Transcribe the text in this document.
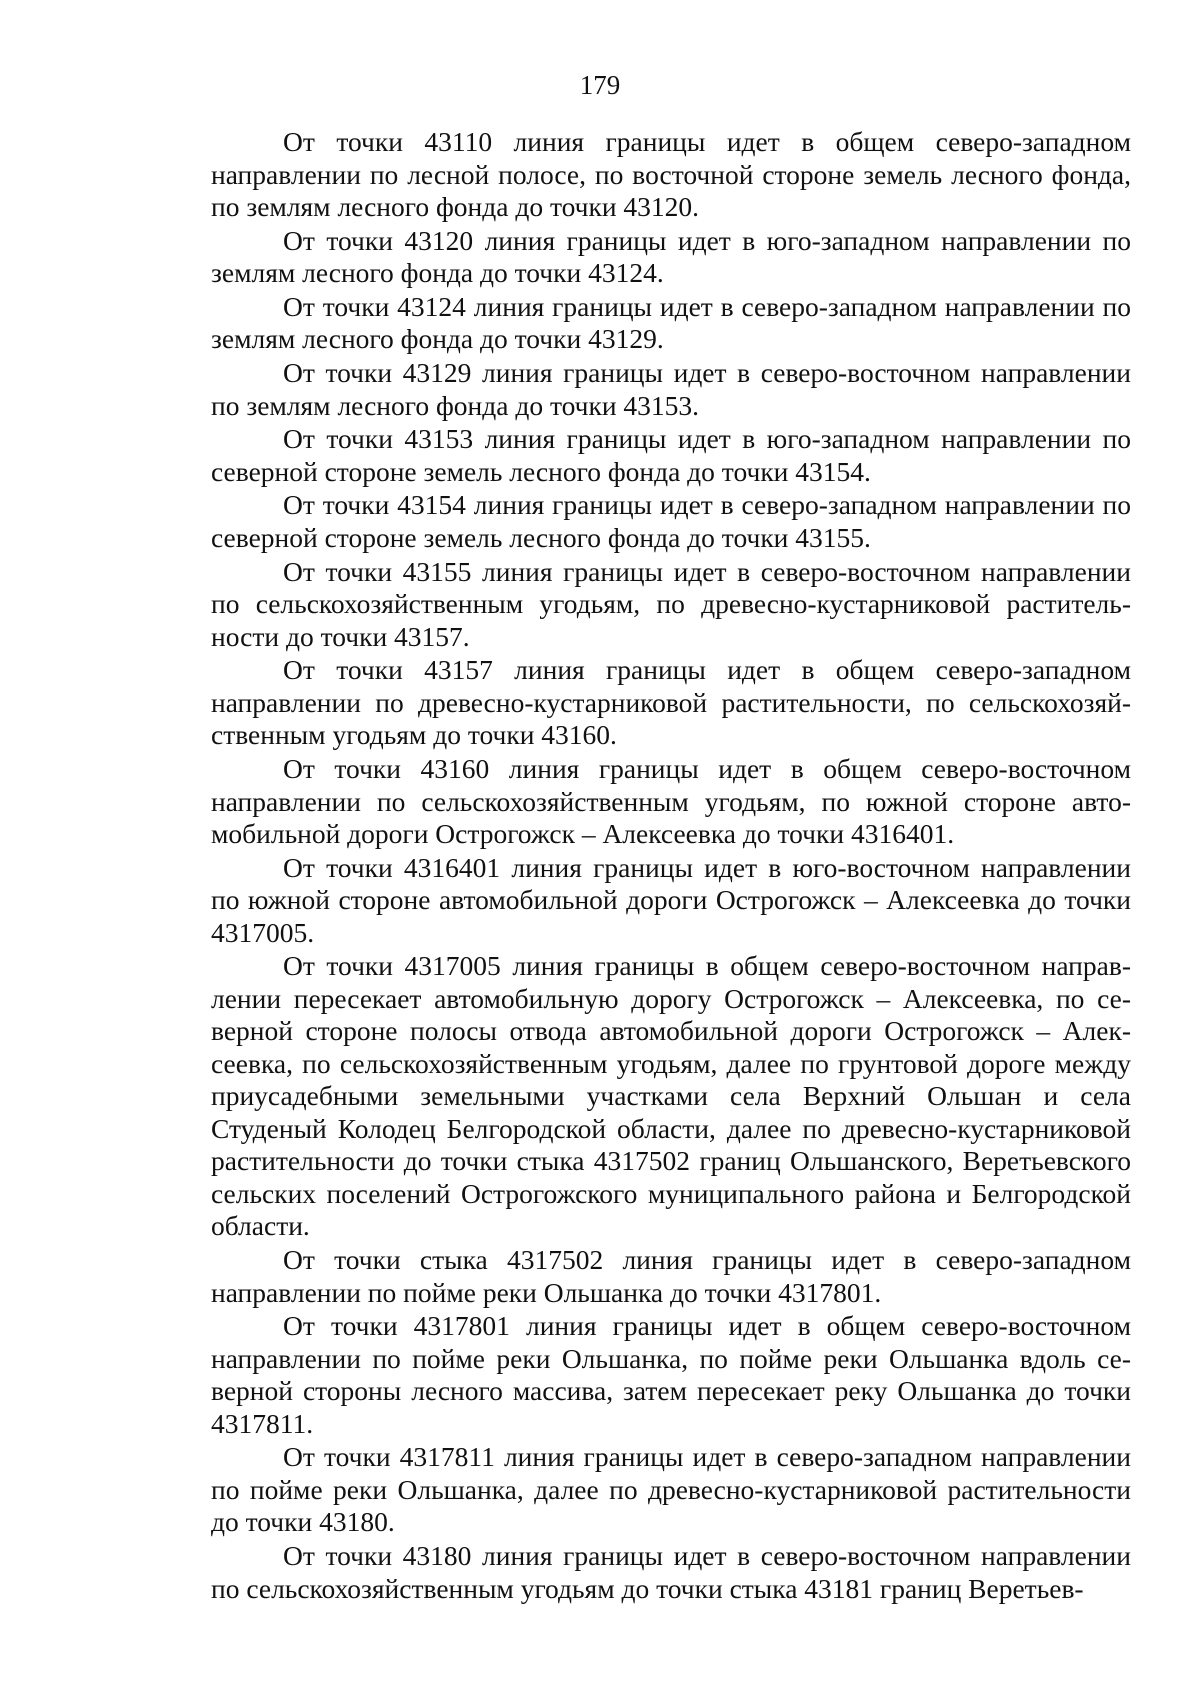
179

От точки 43110 линия границы идет в общем северо-западном направлении по лесной полосе, по восточной стороне земель лесного фонда, по землям лесного фонда до точки 43120.

От точки 43120 линия границы идет в юго-западном направлении по землям лесного фонда до точки 43124.

От точки 43124 линия границы идет в северо-западном направлении по землям лесного фонда до точки 43129.

От точки 43129 линия границы идет в северо-восточном направлении по землям лесного фонда до точки 43153.

От точки 43153 линия границы идет в юго-западном направлении по северной стороне земель лесного фонда до точки 43154.

От точки 43154 линия границы идет в северо-западном направлении по северной стороне земель лесного фонда до точки 43155.

От точки 43155 линия границы идет в северо-восточном направлении по сельскохозяйственным угодьям, по древесно-кустарниковой растительности до точки 43157.

От точки 43157 линия границы идет в общем северо-западном направлении по древесно-кустарниковой растительности, по сельскохозяйственным угодьям до точки 43160.

От точки 43160 линия границы идет в общем северо-восточном направлении по сельскохозяйственным угодьям, по южной стороне автомобильной дороги Острогожск – Алексеевка до точки 4316401.

От точки 4316401 линия границы идет в юго-восточном направлении по южной стороне автомобильной дороги Острогожск – Алексеевка до точки 4317005.

От точки 4317005 линия границы в общем северо-восточном направлении пересекает автомобильную дорогу Острогожск – Алексеевка, по северной стороне полосы отвода автомобильной дороги Острогожск – Алексеевка, по сельскохозяйственным угодьям, далее по грунтовой дороге между приусадебными земельными участками села Верхний Ольшан и села Студеный Колодец Белгородской области, далее по древесно-кустарниковой растительности до точки стыка 4317502 границ Ольшанского, Веретьевского сельских поселений Острогожского муниципального района и Белгородской области.

От точки стыка 4317502 линия границы идет в северо-западном направлении по пойме реки Ольшанка до точки 4317801.

От точки 4317801 линия границы идет в общем северо-восточном направлении по пойме реки Ольшанка, по пойме реки Ольшанка вдоль северной стороны лесного массива, затем пересекает реку Ольшанка до точки 4317811.

От точки 4317811 линия границы идет в северо-западном направлении по пойме реки Ольшанка, далее по древесно-кустарниковой растительности до точки 43180.

От точки 43180 линия границы идет в северо-восточном направлении по сельскохозяйственным угодьям до точки стыка 43181 границ Веретьев-
